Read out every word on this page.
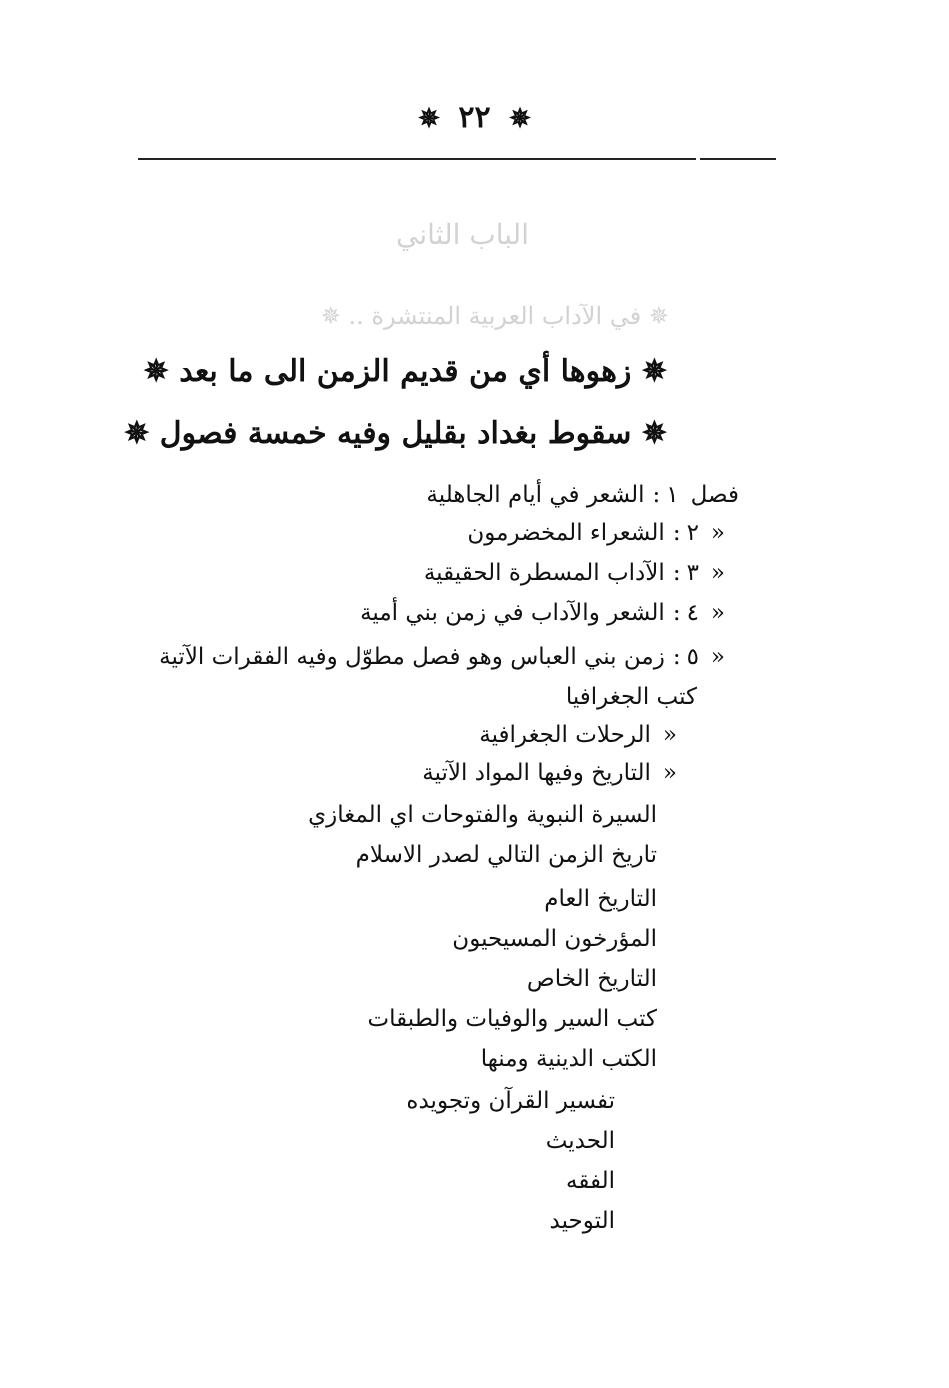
✵ ٢٢ ✵
الباب الثاني
✵ في الآداب العربية المنتشرة .. ✵
✵ زهوها أي من قديم الزمن الى ما بعد ✵
✵ سقوط بغداد بقليل وفيه خمسة فصول ✵
فصل١:الشعر في أيام الجاهلية
«٢:الشعراء المخضرمون
«٣:الآداب المسطرة الحقيقية
«٤:الشعر والآداب في زمن بني أمية
«٥:زمن بني العباس وهو فصل مطوّل وفيه الفقرات الآتية
كتب الجغرافيا
«الرحلات الجغرافية
«التاريخ وفيها المواد الآتية
السيرة النبوية والفتوحات اي المغازي
تاريخ الزمن التالي لصدر الاسلام
التاريخ العام
المؤرخون المسيحيون
التاريخ الخاص
كتب السير والوفيات والطبقات
الكتب الدينية ومنها
تفسير القرآن وتجويده
الحديث
الفقه
التوحيد
